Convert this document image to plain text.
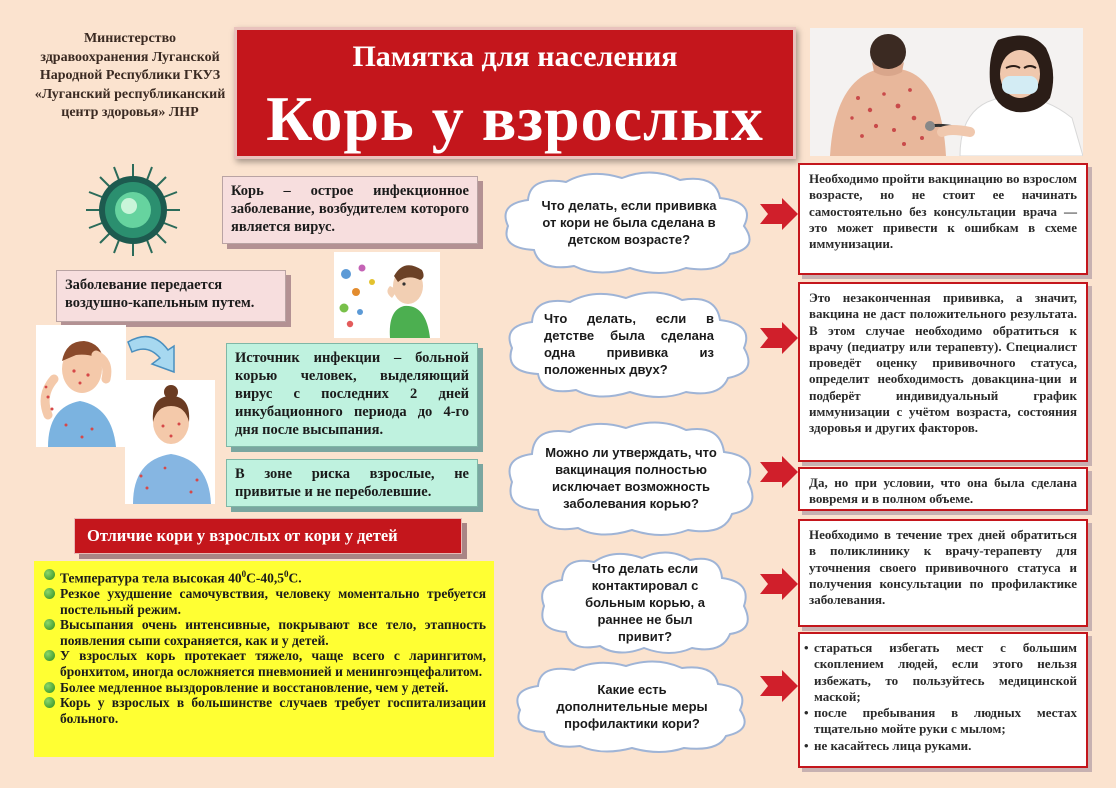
Министерство здравоохранения Луганской Народной Республики ГКУЗ «Луганский республиканский центр здоровья» ЛНР
Памятка для населения
Корь у взрослых
Корь – острое инфекционное заболевание, возбудителем которого является вирус.
Заболевание передается воздушно-капельным путем.
Источник инфекции – больной корью человек, выделяющий вирус с последних 2 дней инкубационного периода до 4-го дня после высыпания.
В зоне риска взрослые, не привитые и не переболевшие.
Отличие кори у взрослых от кори у детей
Температура тела высокая $40^0С-40,5^0С$.
Резкое ухудшение самочувствия, человеку моментально требуется постельный режим.
Высыпания очень интенсивные, покрывают все тело, этапность появления сыпи сохраняется, как и у детей.
У взрослых корь протекает тяжело, чаще всего с ларингитом, бронхитом, иногда осложняется пневмонией и менингоэнцефалитом.
Более медленное выздоровление и восстановление, чем у детей.
Корь у взрослых в большинстве случаев требует госпитализации больного.
Что делать, если прививка от кори не была сделана в детском возрасте?
Что делать, если в детстве была сделана одна прививка из положенных двух?
Можно ли утверждать, что вакцинация полностью исключает возможность заболевания корью?
Что делать если контактировал с больным корью, а раннее не был привит?
Какие есть дополнительные меры профилактики кори?
Необходимо пройти вакцинацию во взрослом возрасте, но не стоит ее начинать самостоятельно без консультации врача — это может привести к ошибкам в схеме иммунизации.
Это незаконченная прививка, а значит, вакцина не даст положительного результата. В этом случае необходимо обратиться к врачу (педиатру или терапевту). Специалист проведёт оценку прививочного статуса, определит необходимость довакцина-ции и подберёт индивидуальный график иммунизации с учётом возраста, состояния здоровья и других факторов.
Да, но при условии, что она была сделана вовремя и в полном объеме.
Необходимо в течение трех дней обратиться в поликлинику к врачу-терапевту для уточнения своего прививочного статуса и получения консультации по профилактике заболевания.
• стараться избегать мест с большим скоплением людей, если этого нельзя избежать, то пользуйтесь медицинской маской;
• после пребывания в людных местах тщательно мойте руки с мылом;
• не касайтесь лица руками.
